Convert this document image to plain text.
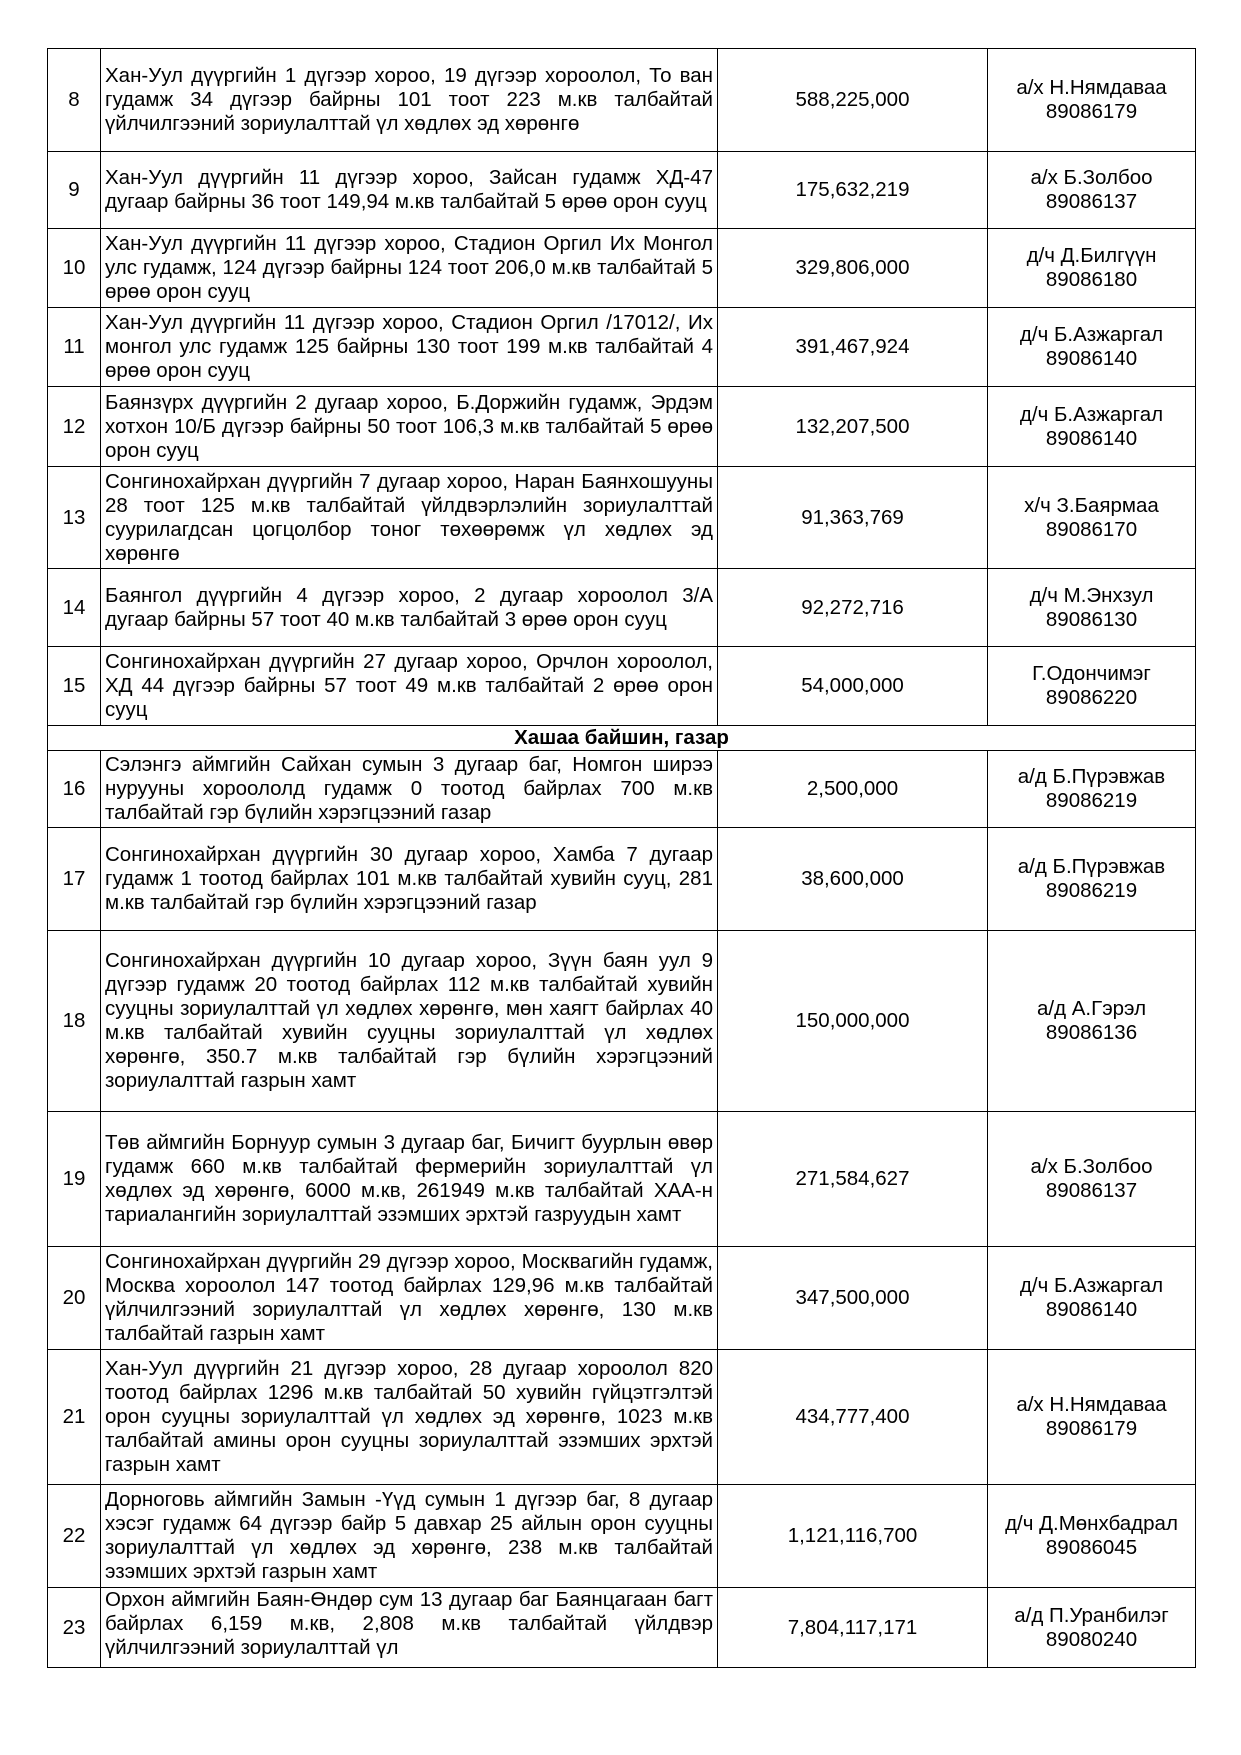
8	Хан-Уул дүүргийн 1 дүгээр хороо, 19 дүгээр хороолол, То ван гудамж 34 дүгээр байрны 101 тоот 223 м.кв талбайтай үйлчилгээний зориулалттай үл хөдлөх эд хөрөнгө	588,225,000	а/х Н.Нямдаваа
89086179

9	Хан-Уул дүүргийн 11 дүгээр хороо, Зайсан гудамж ХД-47 дугаар байрны 36 тоот 149,94 м.кв талбайтай 5 өрөө орон сууц	175,632,219	а/х Б.Золбоо
89086137

10	Хан-Уул дүүргийн 11 дүгээр хороо, Стадион Оргил Их Монгол улс гудамж, 124 дүгээр байрны 124 тоот 206,0 м.кв талбайтай 5 өрөө орон сууц	329,806,000	д/ч Д.Билгүүн
89086180

11	Хан-Уул дүүргийн 11 дүгээр хороо, Стадион Оргил /17012/, Их монгол улс гудамж 125 байрны 130 тоот 199 м.кв талбайтай 4 өрөө орон сууц	391,467,924	д/ч Б.Азжаргал
89086140

12	Баянзүрх дүүргийн 2 дугаар хороо, Б.Доржийн гудамж, Эрдэм хотхон 10/Б дүгээр байрны 50 тоот 106,3 м.кв талбайтай 5 өрөө орон сууц	132,207,500	д/ч Б.Азжаргал
89086140

13	Сонгинохайрхан дүүргийн 7 дугаар хороо, Наран Баянхошууны 28 тоот 125 м.кв талбайтай үйлдвэрлэлийн зориулалттай суурилагдсан цогцолбор тоног төхөөрөмж үл хөдлөх эд хөрөнгө	91,363,769	х/ч З.Баярмаа
89086170

14	Баянгол дүүргийн 4 дүгээр хороо, 2 дугаар хороолол 3/А дугаар байрны 57 тоот 40 м.кв талбайтай 3 өрөө орон сууц	92,272,716	д/ч М.Энхзул
89086130

15	Сонгинохайрхан дүүргийн 27 дугаар хороо, Орчлон хороолол, ХД 44 дүгээр байрны 57 тоот 49 м.кв талбайтай 2 өрөө орон сууц	54,000,000	Г.Одончимэг
89086220

Хашаа байшин, газар			
16	Сэлэнгэ аймгийн Сайхан сумын 3 дугаар баг, Номгон ширээ нурууны хороололд гудамж 0 тоотод байрлах 700 м.кв талбайтай гэр бүлийн хэрэгцээний газар	2,500,000	а/д Б.Пүрэвжав
89086219

17	Сонгинохайрхан дүүргийн 30 дугаар хороо, Хамба 7 дугаар гудамж 1 тоотод байрлах 101 м.кв талбайтай хувийн сууц, 281 м.кв талбайтай гэр бүлийн хэрэгцээний газар	38,600,000	а/д Б.Пүрэвжав
89086219

18	Сонгинохайрхан дүүргийн 10 дугаар хороо, Зүүн баян уул 9 дүгээр гудамж 20 тоотод байрлах 112 м.кв талбайтай хувийн сууцны зориулалттай үл хөдлөх хөрөнгө, мөн хаягт байрлах 40 м.кв талбайтай хувийн сууцны зориулалттай үл хөдлөх хөрөнгө, 350.7 м.кв талбайтай гэр бүлийн хэрэгцээний зориулалттай газрын хамт	150,000,000	а/д А.Гэрэл
89086136

19	Төв аймгийн Борнуур сумын 3 дугаар баг, Бичигт буурлын өвөр гудамж 660 м.кв талбайтай фермерийн зориулалттай үл хөдлөх эд хөрөнгө, 6000 м.кв, 261949 м.кв талбайтай ХАА-н тариалангийн зориулалттай эзэмших эрхтэй газруудын хамт	271,584,627	а/х Б.Золбоо
89086137

20	Сонгинохайрхан дүүргийн 29 дүгээр хороо, Москвагийн гудамж, Москва хороолол 147 тоотод байрлах 129,96 м.кв талбайтай үйлчилгээний зориулалттай үл хөдлөх хөрөнгө, 130 м.кв талбайтай газрын хамт	347,500,000	д/ч Б.Азжаргал
89086140

21	Хан-Уул дүүргийн 21 дүгээр хороо, 28 дугаар хороолол 820 тоотод байрлах 1296 м.кв талбайтай 50 хувийн гүйцэтгэлтэй орон сууцны зориулалттай үл хөдлөх эд хөрөнгө, 1023 м.кв талбайтай амины орон сууцны зориулалттай эзэмших эрхтэй газрын хамт	434,777,400	а/х Н.Нямдаваа
89086179

22	Дорноговь аймгийн Замын -Үүд сумын 1 дүгээр баг, 8 дугаар хэсэг гудамж 64 дүгээр байр 5 давхар 25 айлын орон сууцны зориулалттай үл хөдлөх эд хөрөнгө, 238 м.кв талбайтай эзэмших эрхтэй газрын хамт	1,121,116,700	д/ч Д.Мөнхбадрал
89086045

23	Орхон аймгийн Баян-Өндөр сум 13 дугаар баг Баянцагаан багт байрлах 6,159 м.кв, 2,808 м.кв талбайтай үйлдвэр үйлчилгээний зориулалттай үл	7,804,117,171	а/д П.Уранбилэг
89080240
